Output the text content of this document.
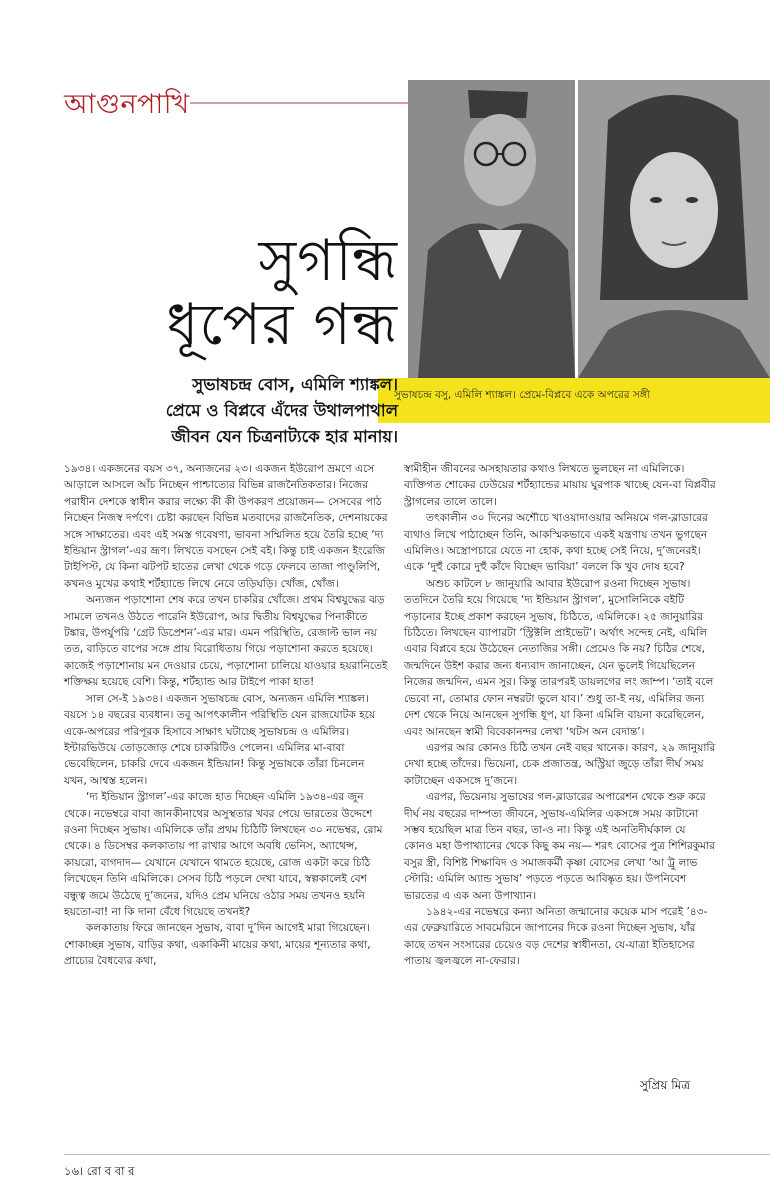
আগুনপাখি
সুভাষচন্দ্র বসু, এমিলি শ্যাঙ্কল। প্রেমে-বিপ্লবে একে অপরের সঙ্গী
সুগন্ধি
ধূপের গন্ধ
সুভাষচন্দ্র বোস, এমিলি শ্যাঙ্কল।
প্রেমে ও বিপ্লবে এঁদের উথালপাথাল
জীবন যেন চিত্রনাট্যকে হার মানায়।

১৯৩৪। একজনের বয়স ৩৭, অন্যজনের ২৩। একজন ইউরোপ ভ্রমণে এসে আড়ালে আসলে আঁচ নিচ্ছেন পাশ্চাত্যের বিভিন্ন রাজনৈতিকতার। নিজের পরাধীন দেশকে স্বাধীন করার লক্ষ্যে কী কী উপকরণ প্রয়োজন— সেসবের পাঠ নিচ্ছেন নিজস্ব দর্পণে। চেষ্টা করছেন বিভিন্ন মতবাদের রাজনৈতিক, দেশনায়কের সঙ্গে সাক্ষাতের। এবং এই সমস্ত গবেষণা, ভাবনা সম্মিলিত হয়ে তৈরি হচ্ছে ‘দ্য ইন্ডিয়ান স্ট্রাগল’-এর ভ্রূণ। লিখতে বসছেন সেই বই। কিন্তু চাই একজন ইংরেজি টাইপিস্ট, যে কিনা ঝটপট হাতের লেখা থেকে গড়ে ফেলবে তাজা পাণ্ডুলিপি, কখনও মুখের কথাই শর্টহ্যান্ডে লিখে নেবে তড়িঘড়ি। খোঁজ, খোঁজ।

অন্যজন পড়াশোনা শেষ করে তখন চাকরির খোঁজে। প্রথম বিশ্বযুদ্ধের ঝড় সামলে তখনও উঠতে পারেনি ইউরোপ, আর দ্বিতীয় বিশ্বযুদ্ধের পিনাকীতে টঙ্কার, উপর্যুপরি ‘গ্রেট ডিপ্রেশন’-এর মার। এমন পরিস্থিতি, রেজাল্ট ভাল নয় তত, বাড়িতে বাপের সঙ্গে প্রায় বিরোধিতায় গিয়ে পড়াশোনা করতে হয়েছে। কাজেই পড়াশোনায় মন দেওয়ার চেয়ে, পড়াশোনা চালিয়ে যাওয়ার হয়রানিতেই শক্তিক্ষয় হয়েছে বেশি। কিন্তু, শর্টহ্যান্ড আর টাইপে পাকা হাত!

সাল সে-ই ১৯৩৪। একজন সুভাষচন্দ্র বোস, অন্যজন এমিলি শ্যাঙ্কল। বয়সে ১৪ বছরের ব্যবধান। তবু আপৎকালীন পরিস্থিতি যেন রাজযোটক হয়ে একে-অপরের পরিপূরক হিসাবে সাক্ষাৎ ঘটাচ্ছে সুভাষচন্দ্র ও এমিলির। ইন্টারভিউয়ে তোড়জোড় শেষে চাকরিটিও পেলেন। এমিলির মা-বাবা ভেবেছিলেন, চাকরি দেবে একজন ইন্ডিয়ান! কিন্তু সুভাষকে তাঁরা চিনলেন যখন, আশ্বস্ত হলেন।

‘দ্য ইন্ডিয়ান স্ট্রাগল’-এর কাজে হাত দিচ্ছেন এমিলি ১৯৩৪-এর জুন থেকে। নভেম্বরে বাবা জানকীনাথের অসুস্থতার খবর পেয়ে ভারতের উদ্দেশে রওনা দিচ্ছেন সুভাষ। এমিলিকে তাঁর প্রথম চিঠিটি লিখছেন ৩০ নভেম্বর, রোম থেকে। ৪ ডিসেম্বর কলকাতায় পা রাখার আগে অবধি ভেনিস, অ্যাথেন্স, কায়রো, বাগদাদ— যেখানে যেখানে থামতে হয়েছে, রোজ একটা করে চিঠি লিখেছেন তিনি এমিলিকে। সেসব চিঠি পড়লে দেখা যাবে, স্বল্পকালেই বেশ বন্ধুত্ব জমে উঠেছে দু’জনের, যদিও প্রেম ঘনিয়ে ওঠার সময় তখনও হয়নি হয়তো-বা! না কি দানা বেঁধে গিয়েছে তখনই?

কলকাতায় ফিরে জানছেন সুভাষ, বাবা দু’দিন আগেই মারা গিয়েছেন। শোকাচ্ছন্ন সুভাষ, বাড়ির কথা, একাকিনী মায়ের কথা, মায়ের শূন্যতার কথা, প্রাচ্যের বৈধব্যের কথা,

স্বামীহীন জীবনের অসহায়তার কথাও লিখতে ভুলছেন না এমিলিকে। ব্যক্তিগত শোকের ঢেউয়ের শর্টহ্যান্ডের মায়ায় ঘুরপাক খাচ্ছে যেন-বা বিপ্লবীর স্ট্রাগলের তালে তালে।

তৎকালীন ৩০ দিনের অশৌচে খাওয়াদাওয়ার অনিয়মে গল-ব্লাডারের ব্যথাও লিখে পাঠাচ্ছেন তিনি, আকস্মিকভাবে একই যন্ত্রণায় তখন ভুগছেন এমিলিও। অস্ত্রোপচারে যেতে না হোক, কথা হচ্ছে সেই নিয়ে, দু’জনেরই। একে ‘দুহুঁ কোরে দুহুঁ কাঁদে বিচ্ছেদ ভাবিয়া’ বললে কি খুব দোষ হবে?

অশুচ কাটলে ৮ জানুয়ারি আবার ইউরোপ রওনা দিচ্ছেন সুভাষ। ততদিনে তৈরি হয়ে গিয়েছে ‘দ্য ইন্ডিয়ান স্ট্রাগল’, মুসোলিনিকে বইটি পড়ানোর ইচ্ছে প্রকাশ করছেন সুভাষ, চিঠিতে, এমিলিকে। ২৫ জানুয়ারির চিঠিতে। লিখছেন ব্যাপারটা ‘স্ট্রিক্টলি প্রাইভেট’। অর্থাৎ সন্দেহ নেই, এমিলি এবার বিপ্লবে হয়ে উঠেছেন নেতাজির সঙ্গী। প্রেমেও কি নয়? চিঠির শেষে, জন্মদিনে উইশ করার জন্য ধন্যবাদ জানাচ্ছেন, যেন ভুলেই গিয়েছিলেন নিজের জন্মদিন, এমন সুর। কিন্তু তারপরই ডায়লগের লং জাম্প। ‘তাই বলে ভেবো না, তোমার ফোন নম্বরটা ভুলে যাব।’ শুধু তা-ই নয়, এমিলির জন্য দেশ থেকে নিয়ে আনছেন সুগন্ধি ধূপ, যা কিনা এমিলি বায়না করেছিলেন, এবং আনছেন স্বামী বিবেকানন্দর লেখা ‘থটস অন বেদান্ত’।

এরপর আর কোনও চিঠি তখন নেই বছর খানেক। কারণ, ২৯ জানুয়ারি দেখা হচ্ছে তাঁদের। ভিয়েনা, চেক প্রজাতন্ত্র, অস্ট্রিয়া জুড়ে তাঁরা দীর্ঘ সময় কাটাচ্ছেন একসঙ্গে দু’জনে।

এরপর, ভিয়েনায় সুভাষের গল-ব্লাডারের অপারেশন থেকে শুরু করে দীর্ঘ নয় বছরের দাম্পত্য জীবনে, সুভাষ-এমিলির একসঙ্গে সময় কাটানো সম্ভব হয়েছিল মাত্র তিন বছর, তা-ও না। কিন্তু এই অনতিদীর্ঘকাল যে কোনও মহা উপাখ্যানের থেকে কিছু কম নয়— শরৎ বোসের পুত্র শিশিরকুমার বসুর স্ত্রী, বিশিষ্ট শিক্ষাবিদ ও সমাজকর্মী কৃষ্ণা বোসের লেখা ‘আ ট্রু লাভ স্টোরি: এমিলি অ্যান্ড সুভাষ’ পড়তে পড়তে আবিষ্কৃত হয়। উপনিবেশ ভারতের এ এক অন্য উপাখ্যান।

১৯৪২-এর নভেম্বরে কন্যা অনিতা জন্মানোর কয়েক মাস পরেই ’৪৩-এর ফেব্রুয়ারিতে সাবমেরিনে জাপানের দিকে রওনা দিচ্ছেন সুভাষ, যাঁর কাছে তখন সংসারের চেয়েও বড় দেশের স্বাধীনতা, যে-যাত্রা ইতিহাসের পাতায় জ্বলজ্বলে না-ফেরার।

সুপ্রিয় মিত্র
১৬। রো ব বা র
